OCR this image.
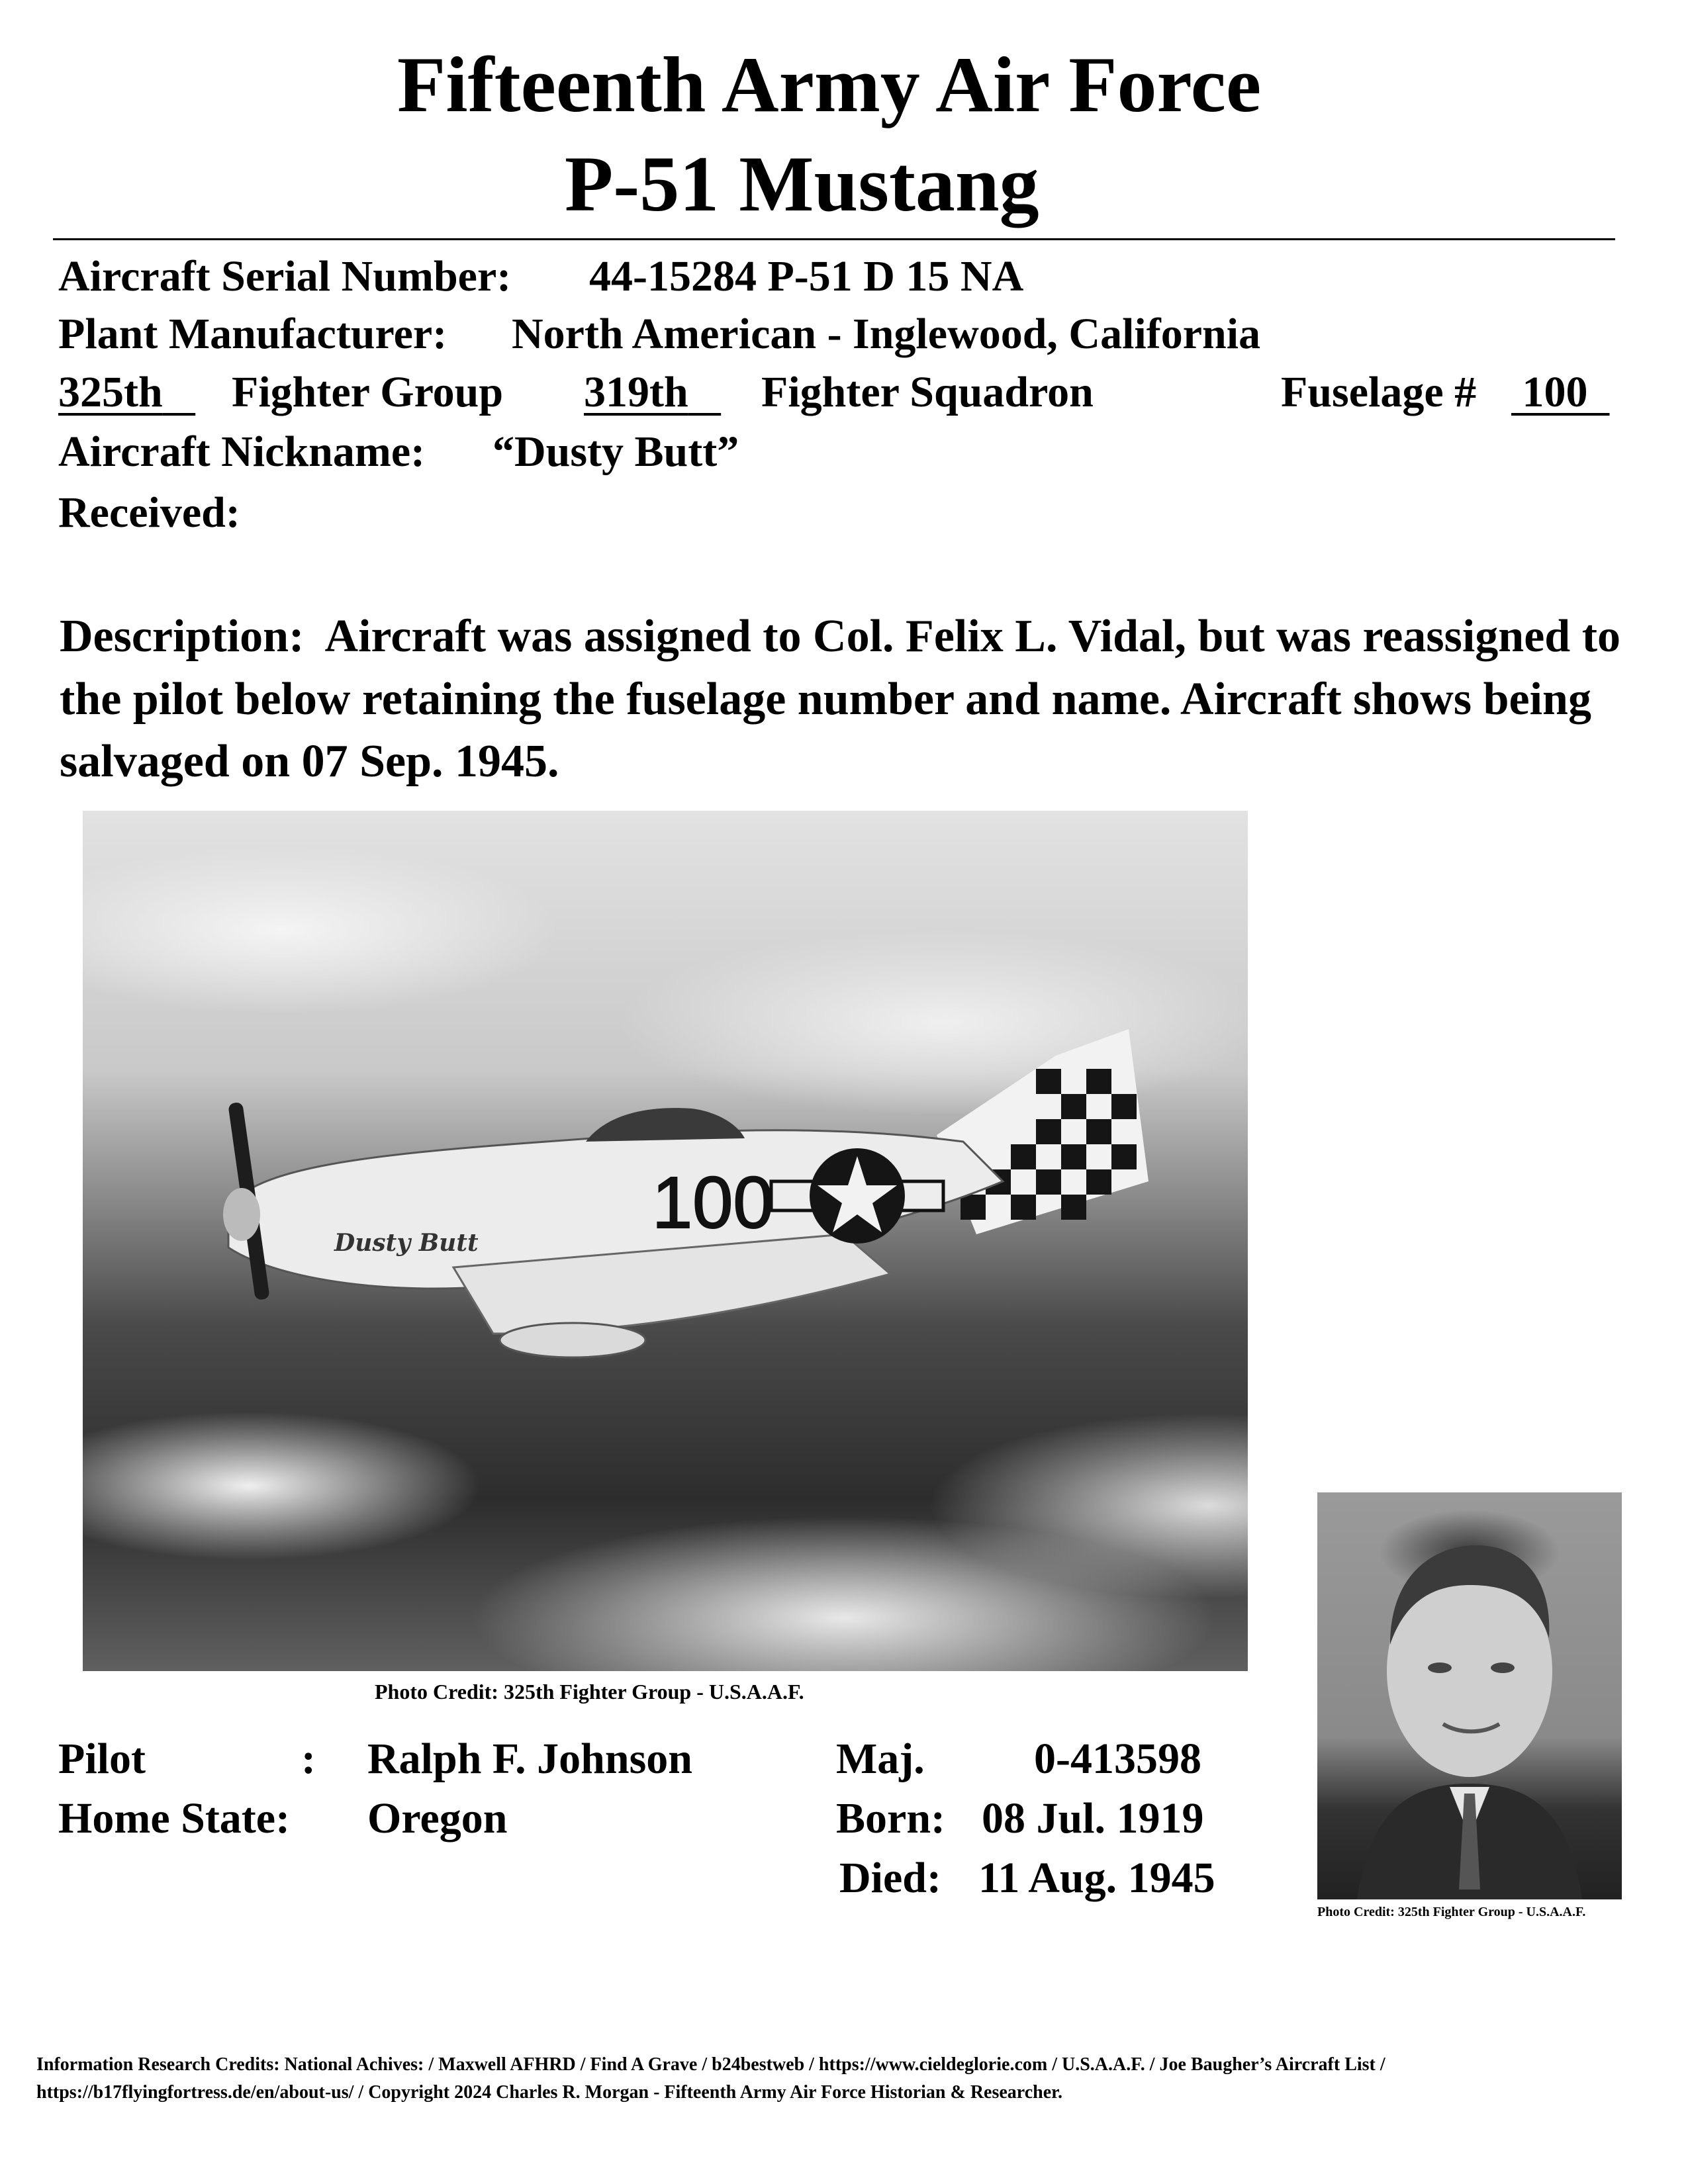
Fifteenth Army Air Force
P-51 Mustang
Aircraft Serial Number: 44-15284 P-51 D 15 NA
Plant Manufacturer: North American - Inglewood, California
325th	Fighter Group 319th	Fighter Squadron	Fuselage # 100
Aircraft Nickname: “Dusty Butt”
Received:
Description: Aircraft was assigned to Col. Felix L. Vidal, but was reassigned to the pilot below retaining the fuselage number and name. Aircraft shows being salvaged on 07 Sep. 1945.
100
Dusty Butt
Photo Credit: 325th Fighter Group - U.S.A.A.F.
Pilot	: Ralph F. Johnson	Maj.	0-413598
Home State: Oregon	Born: 08 Jul. 1919
Died: 11 Aug. 1945
Photo Credit: 325th Fighter Group - U.S.A.A.F.
Information Research Credits: National Achives: / Maxwell AFHRD / Find A Grave / b24bestweb / https://www.cieldeglorie.com / U.S.A.A.F. / Joe Baugher’s Aircraft List /
https://b17flyingfortress.de/en/about-us/ / Copyright 2024 Charles R. Morgan - Fifteenth Army Air Force Historian & Researcher.
